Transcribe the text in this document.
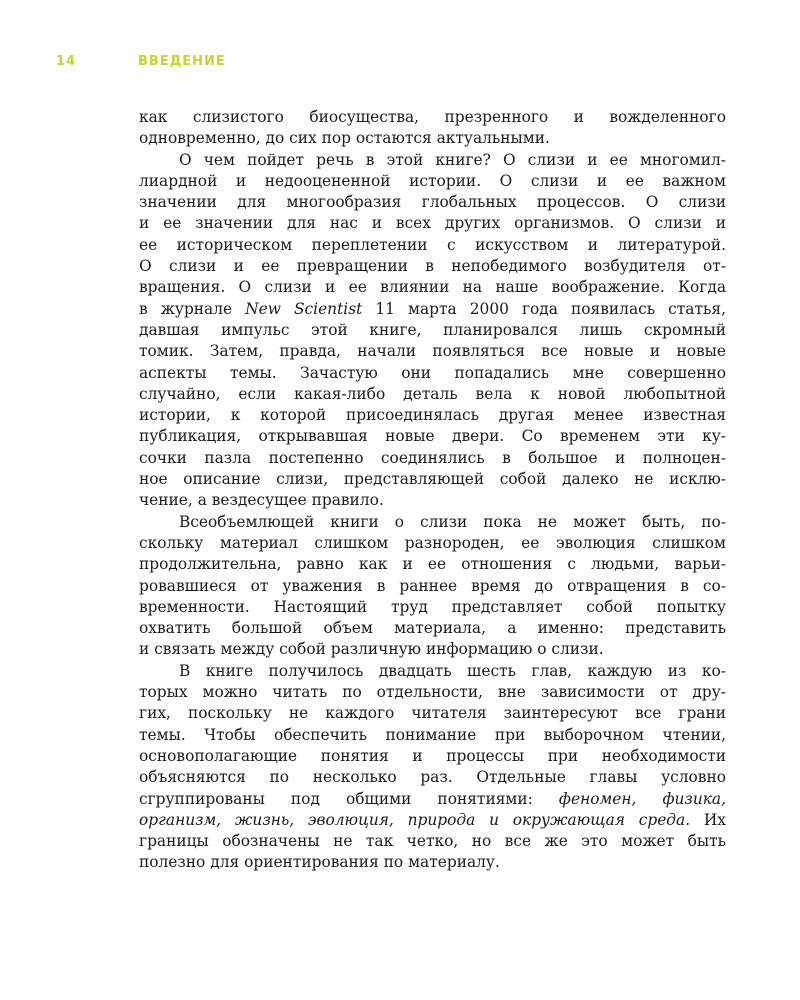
14	ВВЕДЕНИЕ
как слизистого биосущества, презренного и вожделенного
одновременно, до сих пор остаются актуальными.
О чем пойдет речь в этой книге? О слизи и ее многомил-
лиардной и недооцененной истории. О слизи и ее важном
значении для многообразия глобальных процессов. О слизи
и ее значении для нас и всех других организмов. О слизи и
ее историческом переплетении с искусством и литературой.
О слизи и ее превращении в непобедимого возбудителя от-
вращения. О слизи и ее влиянии на наше воображение. Когда
в журнале New Scientist 11 марта 2000 года появилась статья,
давшая импульс этой книге, планировался лишь скромный
томик. Затем, правда, начали появляться все новые и новые
аспекты темы. Зачастую они попадались мне совершенно
случайно, если какая-либо деталь вела к новой любопытной
истории, к которой присоединялась другая менее известная
публикация, открывавшая новые двери. Со временем эти ку-
сочки пазла постепенно соединялись в большое и полноцен-
ное описание слизи, представляющей собой далеко не исклю-
чение, а вездесущее правило.
Всеобъемлющей книги о слизи пока не может быть, по-
скольку материал слишком разнороден, ее эволюция слишком
продолжительна, равно как и ее отношения с людьми, варьи-
ровавшиеся от уважения в раннее время до отвращения в со-
временности. Настоящий труд представляет собой попытку
охватить большой объем материала, а именно: представить
и связать между собой различную информацию о слизи.
В книге получилось двадцать шесть глав, каждую из ко-
торых можно читать по отдельности, вне зависимости от дру-
гих, поскольку не каждого читателя заинтересуют все грани
темы. Чтобы обеспечить понимание при выборочном чтении,
основополагающие понятия и процессы при необходимости
объясняются по несколько раз. Отдельные главы условно
сгруппированы под общими понятиями: феномен, физика,
организм, жизнь, эволюция, природа и окружающая среда. Их
границы обозначены не так четко, но все же это может быть
полезно для ориентирования по материалу.
